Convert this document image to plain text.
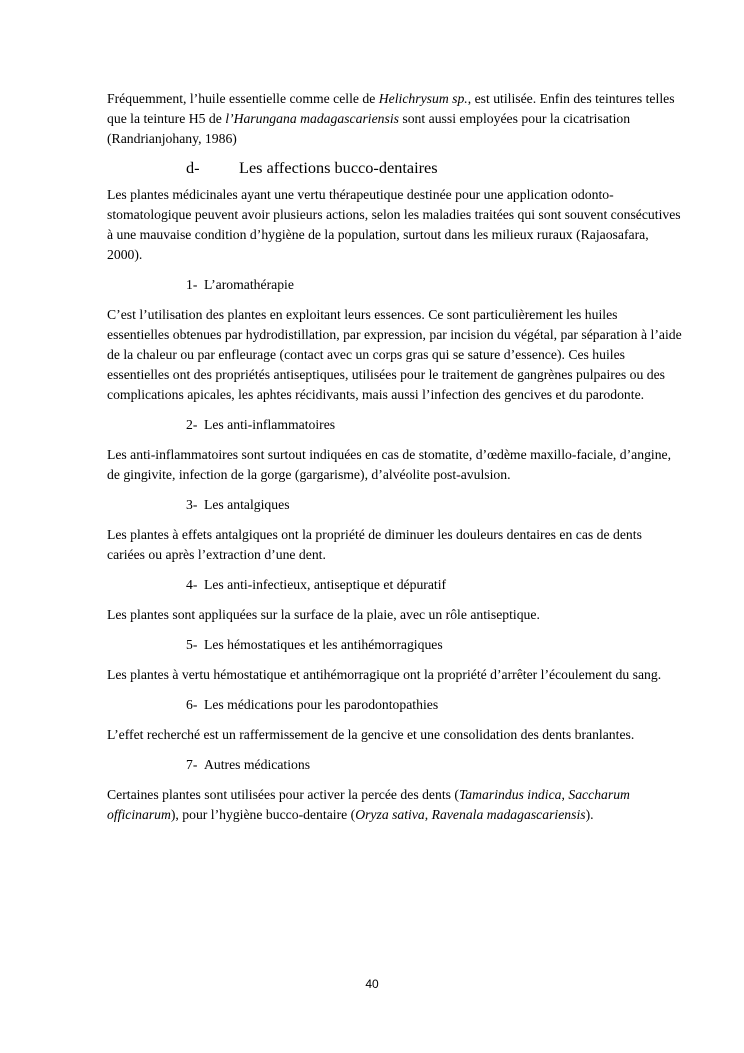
Fréquemment, l’huile essentielle comme celle de Helichrysum sp., est utilisée. Enfin des teintures telles que la teinture H5 de l’Harungana madagascariensis sont aussi employées pour la cicatrisation (Randrianjohany, 1986)

d-	Les affections bucco-dentaires

Les plantes médicinales ayant une vertu thérapeutique destinée pour une application odonto-stomatologique peuvent avoir plusieurs actions, selon les maladies traitées qui sont souvent consécutives à une mauvaise condition d’hygiène de la population, surtout dans les milieux ruraux (Rajaosafara, 2000).

1- L’aromathérapie

C’est l’utilisation des plantes en exploitant leurs essences. Ce sont particulièrement les huiles essentielles obtenues par hydrodistillation, par expression, par incision du végétal, par séparation à l’aide de la chaleur ou par enfleurage (contact avec un corps gras qui se sature d’essence). Ces huiles essentielles ont des propriétés antiseptiques, utilisées pour le traitement de gangrènes pulpaires ou des complications apicales, les aphtes récidivants, mais aussi l’infection des gencives et du parodonte.

2- Les anti-inflammatoires

Les anti-inflammatoires sont surtout indiquées en cas de stomatite, d’œdème maxillo-faciale, d’angine, de gingivite, infection de la gorge (gargarisme), d’alvéolite post-avulsion.

3- Les antalgiques

Les plantes à effets antalgiques ont la propriété de diminuer les douleurs dentaires en cas de dents cariées ou après l’extraction d’une dent.

4- Les anti-infectieux, antiseptique et dépuratif

Les plantes sont appliquées sur la surface de la plaie, avec un rôle antiseptique.

5- Les hémostatiques et les antihémorragiques

Les plantes à vertu hémostatique et antihémorragique ont la propriété d’arrêter l’écoulement du sang.

6- Les médications pour les parodontopathies

L’effet recherché est un raffermissement de la gencive et une consolidation des dents branlantes.

7- Autres médications

Certaines plantes sont utilisées pour activer la percée des dents (Tamarindus indica, Saccharum officinarum), pour l’hygiène bucco-dentaire (Oryza sativa, Ravenala madagascariensis).

40
